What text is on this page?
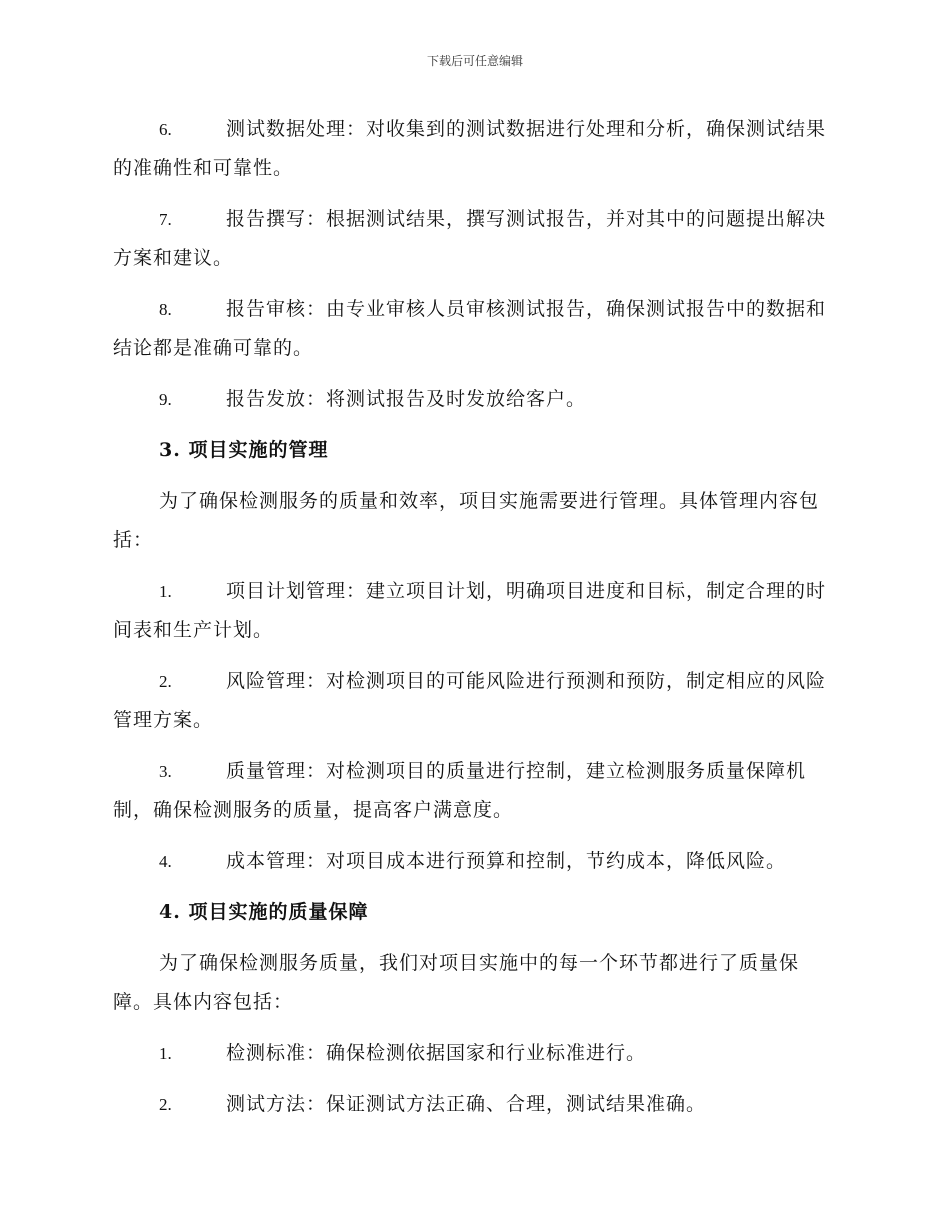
下载后可任意编辑
6.	测试数据处理：对收集到的测试数据进行处理和分析，确保测试结果的准确性和可靠性。
7.	报告撰写：根据测试结果，撰写测试报告，并对其中的问题提出解决方案和建议。
8.	报告审核：由专业审核人员审核测试报告，确保测试报告中的数据和结论都是准确可靠的。
9.	报告发放：将测试报告及时发放给客户。
3. 项目实施的管理
为了确保检测服务的质量和效率，项目实施需要进行管理。具体管理内容包括：
1.	项目计划管理：建立项目计划，明确项目进度和目标，制定合理的时间表和生产计划。
2.	风险管理：对检测项目的可能风险进行预测和预防，制定相应的风险管理方案。
3.	质量管理：对检测项目的质量进行控制，建立检测服务质量保障机制，确保检测服务的质量，提高客户满意度。
4.	成本管理：对项目成本进行预算和控制，节约成本，降低风险。
4. 项目实施的质量保障
为了确保检测服务质量，我们对项目实施中的每一个环节都进行了质量保障。具体内容包括：
1.	检测标准：确保检测依据国家和行业标准进行。
2.	测试方法：保证测试方法正确、合理，测试结果准确。
